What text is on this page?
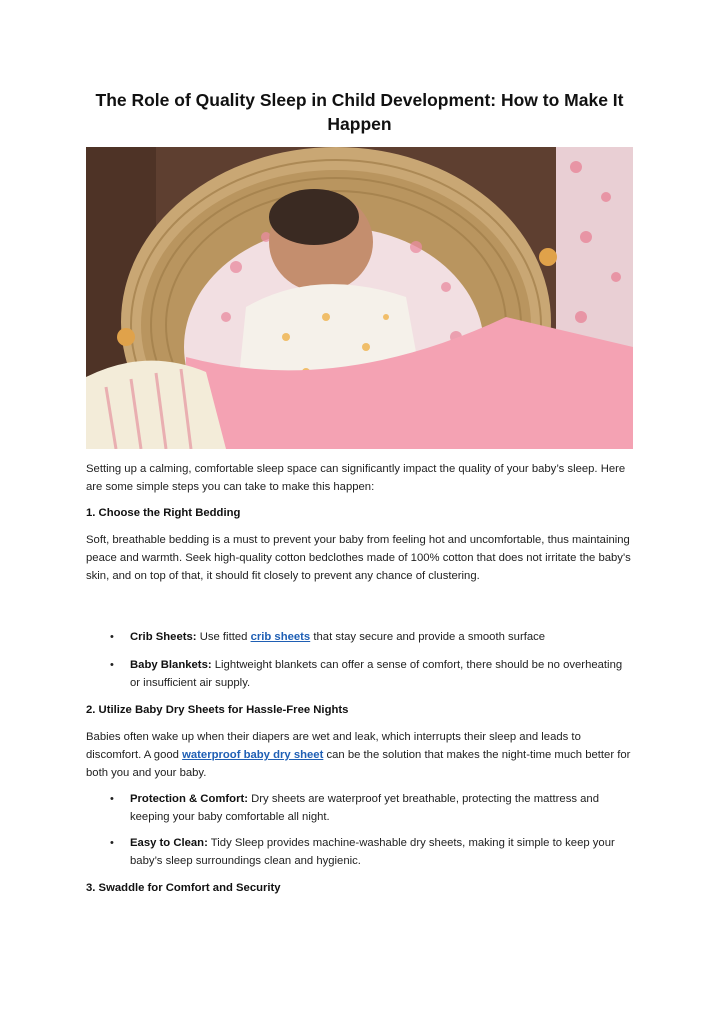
The Role of Quality Sleep in Child Development: How to Make It Happen

Setting up a calming, comfortable sleep space can significantly impact the quality of your baby’s sleep. Here are some simple steps you can take to make this happen:

1. Choose the Right Bedding

Soft, breathable bedding is a must to prevent your baby from feeling hot and uncomfortable, thus maintaining peace and warmth. Seek high-quality cotton bedclothes made of 100% cotton that does not irritate the baby's skin, and on top of that, it should fit closely to prevent any chance of clustering.

• Crib Sheets: Use fitted crib sheets that stay secure and provide a smooth surface
• Baby Blankets: Lightweight blankets can offer a sense of comfort, there should be no overheating or insufficient air supply.

2. Utilize Baby Dry Sheets for Hassle-Free Nights

Babies often wake up when their diapers are wet and leak, which interrupts their sleep and leads to discomfort. A good waterproof baby dry sheet can be the solution that makes the night-time much better for both you and your baby.

• Protection & Comfort: Dry sheets are waterproof yet breathable, protecting the mattress and keeping your baby comfortable all night.
• Easy to Clean: Tidy Sleep provides machine-washable dry sheets, making it simple to keep your baby’s sleep surroundings clean and hygienic.

3. Swaddle for Comfort and Security
